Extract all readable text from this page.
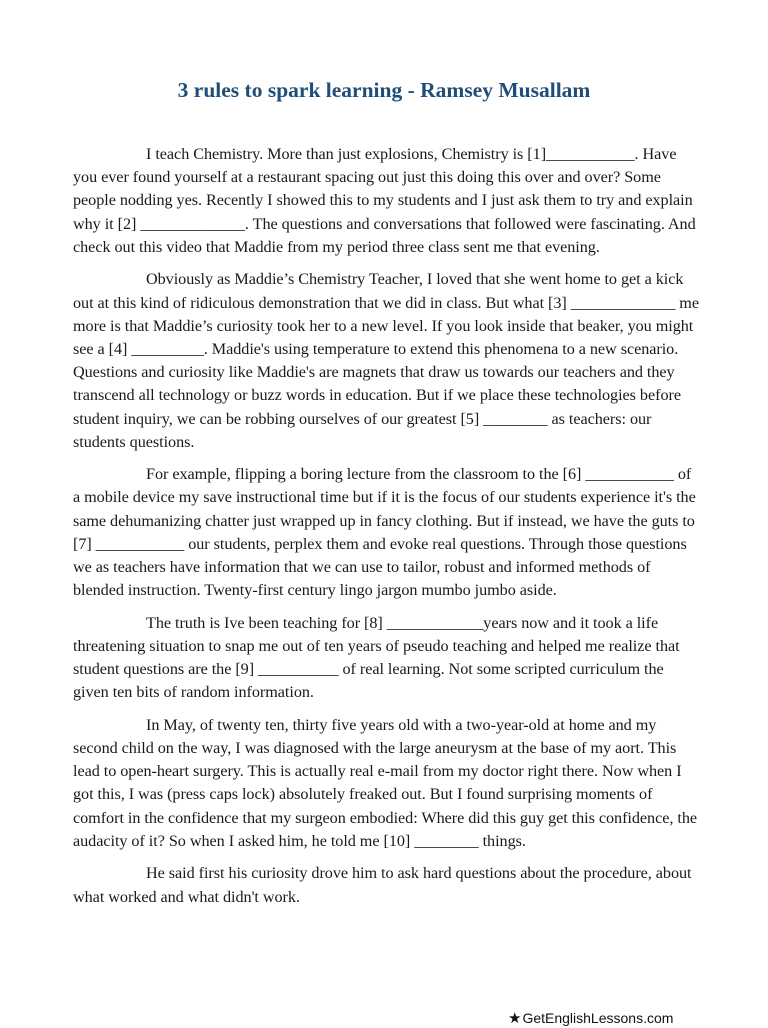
3 rules to spark learning - Ramsey Musallam

I teach Chemistry. More than just explosions, Chemistry is [1]___________. Have you ever found yourself at a restaurant spacing out just this doing this over and over? Some people nodding yes. Recently I showed this to my students and I just ask them to try and explain why it [2] _____________. The questions and conversations that followed were fascinating. And check out this video that Maddie from my period three class sent me that evening.

Obviously as Maddie’s Chemistry Teacher, I loved that she went home to get a kick out at this kind of ridiculous demonstration that we did in class. But what [3] _____________ me more is that Maddie’s curiosity took her to a new level. If you look inside that beaker, you might see a [4] _________. Maddie's using temperature to extend this phenomena to a new scenario. Questions and curiosity like Maddie's are magnets that draw us towards our teachers and they transcend all technology or buzz words in education. But if we place these technologies before student inquiry, we can be robbing ourselves of our greatest [5] ________ as teachers: our students questions.

For example, flipping a boring lecture from the classroom to the [6] ___________ of a mobile device my save instructional time but if it is the focus of our students experience it's the same dehumanizing chatter just wrapped up in fancy clothing. But if instead, we have the guts to [7] ___________ our students, perplex them and evoke real questions. Through those questions we as teachers have information that we can use to tailor, robust and informed methods of blended instruction. Twenty-first century lingo jargon mumbo jumbo aside.

The truth is Ive been teaching for [8] ____________years now and it took a life threatening situation to snap me out of ten years of pseudo teaching and helped me realize that student questions are the [9] __________ of real learning. Not some scripted curriculum the given ten bits of random information.

In May, of twenty ten, thirty five years old with a two-year-old at home and my second child on the way, I was diagnosed with the large aneurysm at the base of my aort. This lead to open-heart surgery. This is actually real e-mail from my doctor right there. Now when I got this, I was (press caps lock) absolutely freaked out. But I found surprising moments of comfort in the confidence that my surgeon embodied: Where did this guy get this confidence, the audacity of it? So when I asked him, he told me [10] ________ things.

He said first his curiosity drove him to ask hard questions about the procedure, about what worked and what didn't work.

★GetEnglishLessons.com
